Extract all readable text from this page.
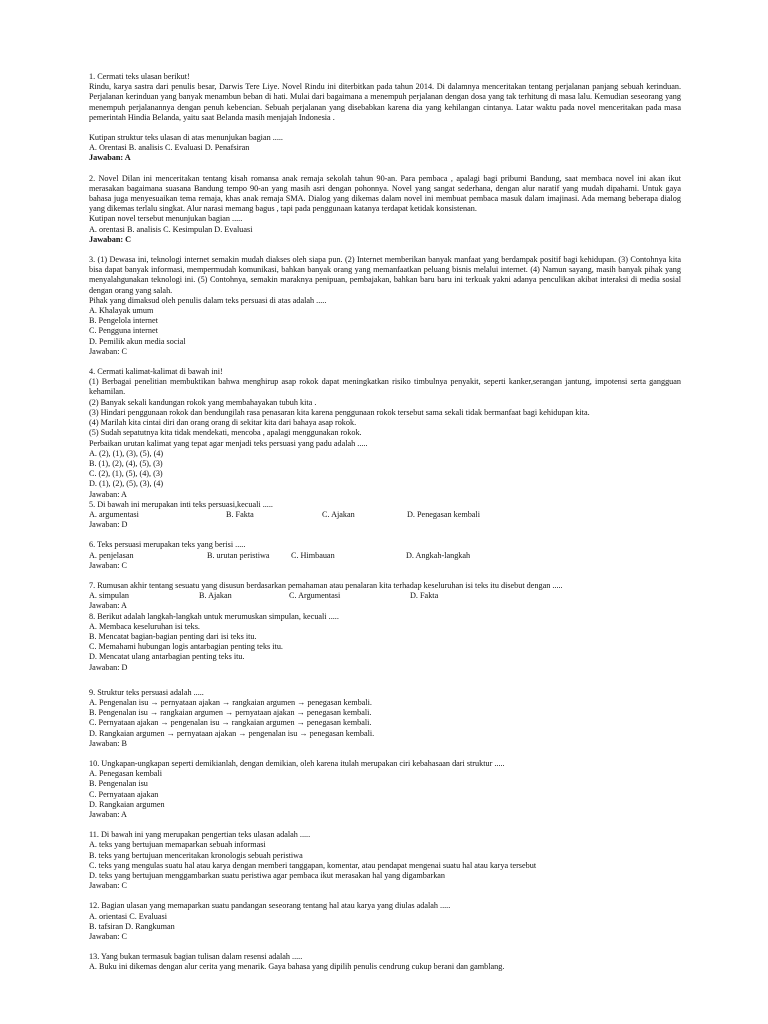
1. Cermati teks ulasan berikut!

Rindu, karya sastra dari penulis besar, Darwis Tere Liye. Novel Rindu ini diterbitkan pada tahun 2014. Di dalamnya menceritakan tentang perjalanan panjang sebuah kerinduan. Perjalanan kerinduan yang banyak menambun beban di hati. Mulai dari bagaimana a menempuh perjalanan dengan dosa yang tak terhitung di masa lalu. Kemudian seseorang yang menempuh perjalanannya dengan penuh kebencian. Sebuah perjalanan yang disebabkan karena dia yang kehilangan cintanya. Latar waktu pada novel menceritakan pada masa pemerintah Hindia Belanda, yaitu saat Belanda masih menjajah Indonesia .

Kutipan struktur teks ulasan di atas menunjukan bagian .....

A. Orentasi B. analisis C. Evaluasi D. Penafsiran

Jawaban: A

2. Novel Dilan ini menceritakan tentang kisah romansa anak remaja sekolah tahun 90-an. Para pembaca , apalagi bagi pribumi Bandung, saat membaca novel ini akan ikut merasakan bagaimana suasana Bandung tempo 90-an yang masih asri dengan pohonnya. Novel yang sangat sederhana, dengan alur naratif yang mudah dipahami. Untuk gaya bahasa juga menyesuaikan tema remaja, khas anak remaja SMA. Dialog yang dikemas dalam novel ini membuat pembaca masuk dalam imajinasi. Ada memang beberapa dialog yang dikemas terlalu singkat. Alur narasi memang bagus , tapi pada penggunaan katanya terdapat ketidak konsistenan.

Kutipan novel tersebut menunjukan bagian .....

A. orentasi B. analisis C. Kesimpulan D. Evaluasi

Jawaban: C

3. (1) Dewasa ini, teknologi internet semakin mudah diakses oleh siapa pun. (2) Internet memberikan banyak manfaat yang berdampak positif bagi kehidupan. (3) Contohnya kita bisa dapat banyak informasi, mempermudah komunikasi, bahkan banyak orang yang memanfaatkan peluang bisnis melalui internet. (4) Namun sayang, masih banyak pihak yang menyalahgunakan teknologi ini. (5) Contohnya, semakin maraknya penipuan, pembajakan, bahkan baru baru ini terkuak yakni adanya penculikan akibat interaksi di media sosial dengan orang yang salah.

Pihak yang dimaksud oleh penulis dalam teks persuasi di atas adalah .....

A. Khalayak umum

B. Pengelola internet

C. Pengguna internet

D. Pemilik akun media social

Jawaban: C

4. Cermati kalimat-kalimat di bawah ini!

(1) Berbagai penelitian membuktikan bahwa menghirup asap rokok dapat meningkatkan risiko timbulnya penyakit, seperti kanker,serangan jantung, impotensi serta gangguan kehamilan.

(2) Banyak sekali kandungan rokok yang membahayakan tubuh kita .

(3) Hindari penggunaan rokok dan bendungilah rasa penasaran kita karena penggunaan rokok tersebut sama sekali tidak bermanfaat bagi kehidupan kita.

(4) Marilah kita cintai diri dan orang orang di sekitar kita dari bahaya asap rokok.

(5) Sudah sepatutnya kita tidak mendekati, mencoba , apalagi menggunakan rokok.

Perbaikan urutan kalimat yang tepat agar menjadi teks persuasi yang padu adalah .....

A. (2), (1), (3), (5), (4)

B. (1), (2), (4), (5), (3)

C. (2), (1), (5), (4), (3)

D. (1), (2), (5), (3), (4)

Jawaban: A

5. Di bawah ini merupakan inti teks persuasi,kecuali .....

A. argumentasi	B. Fakta	C. Ajakan	D. Penegasan kembali

Jawaban: D

6. Teks persuasi merupakan teks yang berisi .....

A. penjelasan	B. urutan peristiwa	C. Himbauan	D. Angkah-langkah

Jawaban: C

7. Rumusan akhir tentang sesuatu yang disusun berdasarkan pemahaman atau penalaran kita terhadap keseluruhan isi teks itu disebut dengan .....

A. simpulan	B. Ajakan	C. Argumentasi	D. Fakta

Jawaban: A

8. Berikut adalah langkah-langkah untuk merumuskan simpulan, kecuali .....

A. Membaca keseluruhan isi teks.

B. Mencatat bagian-bagian penting dari isi teks itu.

C. Memahami hubungan logis antarbagian penting teks itu.

D. Mencatat ulang antarbagian penting teks itu.

Jawaban: D

9. Struktur teks persuasi adalah .....

A. Pengenalan isu → pernyataan ajakan → rangkaian argumen → penegasan kembali.

B. Pengenalan isu → rangkaian argumen → pernyataan ajakan → penegasan kembali.

C. Pernyataan ajakan → pengenalan isu → rangkaian argumen → penegasan kembali.

D. Rangkaian argumen → pernyataan ajakan → pengenalan isu → penegasan kembali.

Jawaban: B

10. Ungkapan-ungkapan seperti demikianlah, dengan demikian, oleh karena itulah merupakan ciri kebahasaan dari struktur .....

A. Penegasan kembali

B. Pengenalan isu

C. Pernyataan ajakan

D. Rangkaian argumen

Jawaban: A

11. Di bawah ini yang merupakan pengertian teks ulasan adalah .....

A. teks yang bertujuan memaparkan sebuah informasi

B. teks yang bertujuan menceritakan kronologis sebuah peristiwa

C. teks yang mengulas suatu hal atau karya dengan memberi tanggapan, komentar, atau pendapat mengenai suatu hal atau karya tersebut

D. teks yang bertujuan menggambarkan suatu peristiwa agar pembaca ikut merasakan hal yang digambarkan

Jawaban: C

12. Bagian ulasan yang memaparkan suatu pandangan seseorang tentang hal atau karya yang diulas adalah .....

A. orientasi C. Evaluasi

B. tafsiran D. Rangkuman

Jawaban: C

13. Yang bukan termasuk bagian tulisan dalam resensi adalah .....

A. Buku ini dikemas dengan alur cerita yang menarik. Gaya bahasa yang dipilih penulis cendrung cukup berani dan gamblang.
